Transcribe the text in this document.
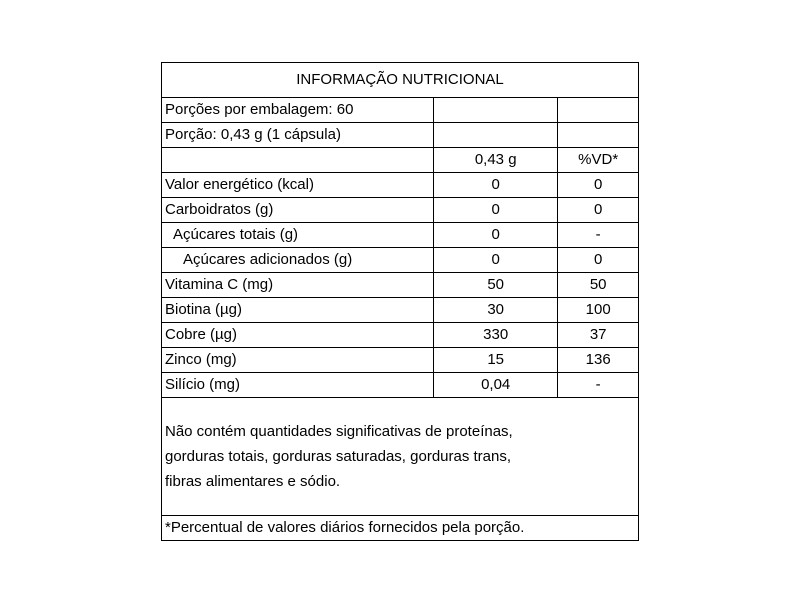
INFORMAÇÃO NUTRICIONAL
Porções por embalagem: 60		
Porção: 0,43 g (1 cápsula)		
	0,43 g	%VD*
Valor energético (kcal)	0	0
Carboidratos (g)	0	0
Açúcares totais (g)	0	-
Açúcares adicionados (g)	0	0
Vitamina C (mg)	50	50
Biotina (µg)	30	100
Cobre (µg)	330	37
Zinco (mg)	15	136
Silício (mg)	0,04	-
Não contém quantidades significativas de proteínas,
gorduras totais, gorduras saturadas, gorduras trans,
fibras alimentares e sódio.
*Percentual de valores diários fornecidos pela porção.
